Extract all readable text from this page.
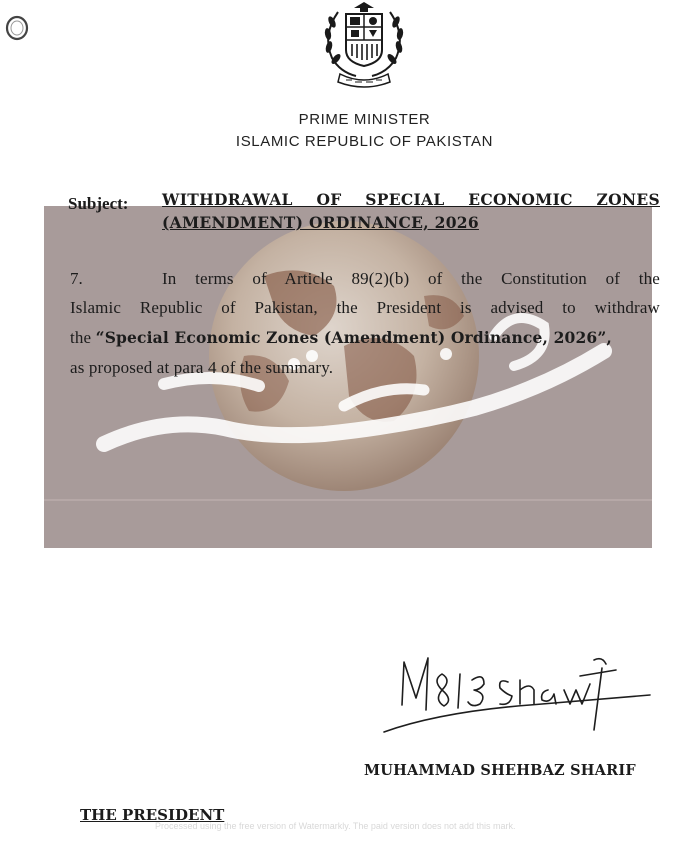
PRIME MINISTER
ISLAMIC REPUBLIC OF PAKISTAN
Subject: WITHDRAWAL OF SPECIAL ECONOMIC ZONES (AMENDMENT) ORDINANCE, 2026
7.	In terms of Article 89(2)(b) of the Constitution of the
Islamic Republic of Pakistan, the President is advised to withdraw
the “Special Economic Zones (Amendment) Ordinance, 2026”,
as proposed at para 4 of the summary.
MUHAMMAD SHEHBAZ SHARIF
THE PRESIDENT
Processed using the free version of Watermarkly. The paid version does not add this mark.
